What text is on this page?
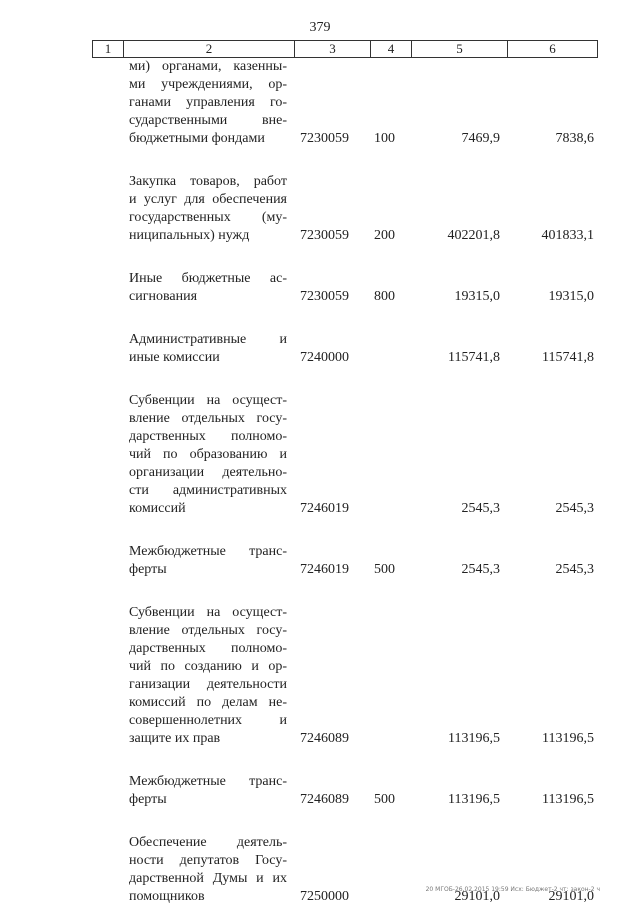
379
1	2	3	4	5	6
ми) органами, казенны-
ми учреждениями, ор-
ганами управления го-
сударственными вне-
бюджетными фондами	7230059 100	7469,9	7838,6
Закупка товаров, работ
и услуг для обеспечения
государственных (му-
ниципальных) нужд	7230059 200	402201,8	401833,1
Иные бюджетные ас-
сигнования	7230059 800	19315,0	19315,0
Административные и
иные комиссии	7240000	115741,8	115741,8
Субвенции на осущест-
вление отдельных госу-
дарственных полномо-
чий по образованию и
организации деятельно-
сти административных
комиссий	7246019	2545,3	2545,3
Межбюджетные транс-
ферты	7246019 500	2545,3	2545,3
Субвенции на осущест-
вление отдельных госу-
дарственных полномо-
чий по созданию и ор-
ганизации деятельности
комиссий по делам не-
совершеннолетних и
защите их прав	7246089	113196,5	113196,5
Межбюджетные транс-
ферты	7246089 500	113196,5	113196,5
Обеспечение деятель-
ности депутатов Госу-
дарственной Думы и их
помощников	7250000	29101,0	29101,0
20 МГОБ-26.02.2015 19:59 Исх: Бюджет-2 чт: закон-2 ч
